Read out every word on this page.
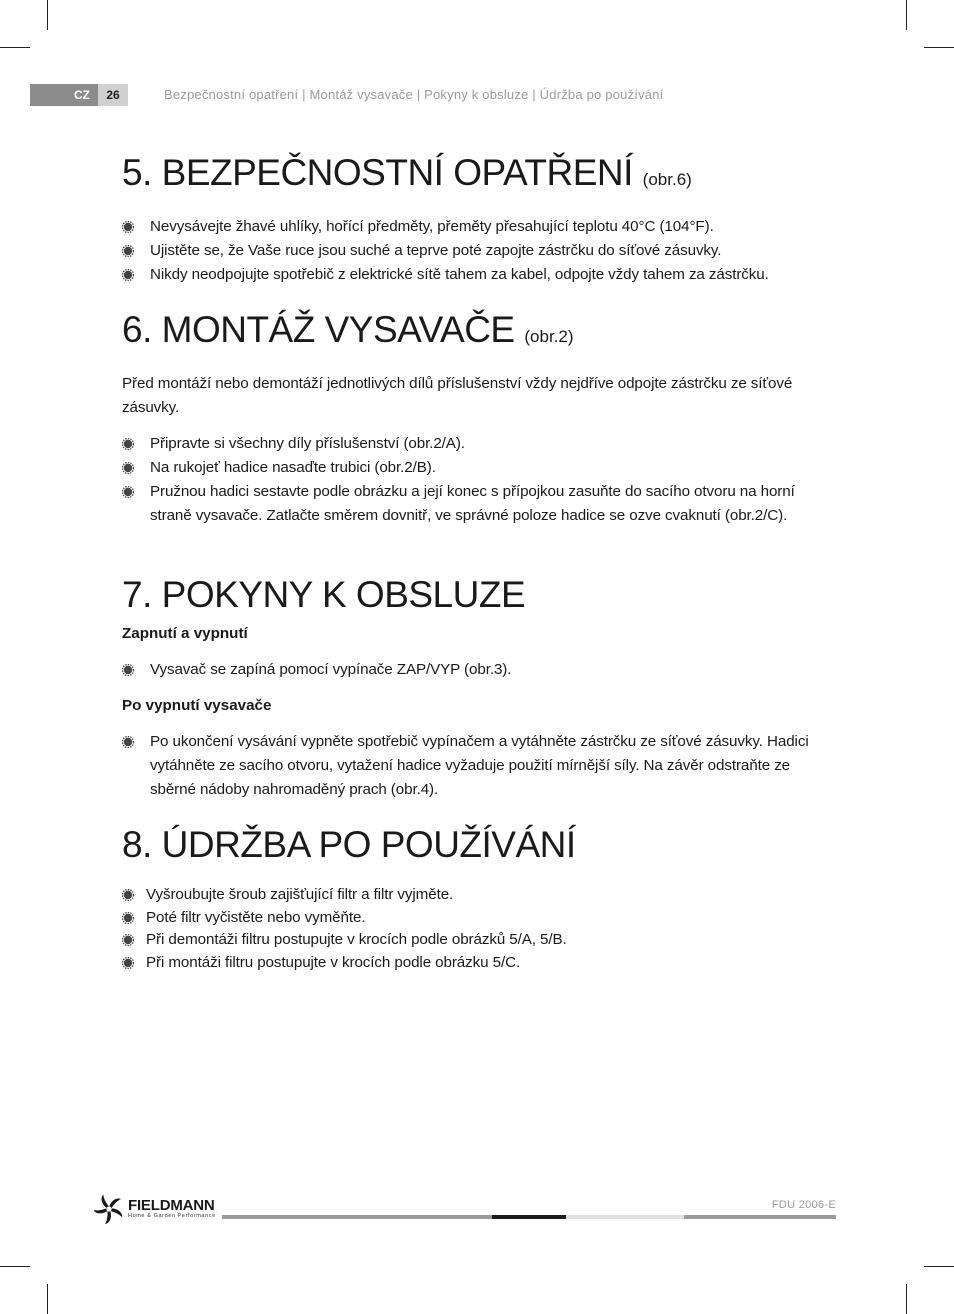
CZ	26	Bezpečnostní opatření | Montáž vysavače | Pokyny k obsluze | Údržba po používání
5. BEZPEČNOSTNÍ OPATŘENÍ (obr.6)
Nevysávejte žhavé uhlíky, hořící předměty, přeměty přesahující teplotu 40°C (104°F).
Ujistěte se, že Vaše ruce jsou suché a teprve poté zapojte zástrčku do síťové zásuvky.
Nikdy neodpojujte spotřebič z elektrické sítě tahem za kabel, odpojte vždy tahem za zástrčku.
6. MONTÁŽ VYSAVAČE (obr.2)

Před montáží nebo demontáží jednotlivých dílů příslušenství vždy nejdříve odpojte zástrčku ze síťové zásuvky.

Připravte si všechny díly příslušenství (obr.2/A).
Na rukojeť hadice nasaďte trubici (obr.2/B).
Pružnou hadici sestavte podle obrázku a její konec s přípojkou zasuňte do sacího otvoru na horní straně vysavače. Zatlačte směrem dovnitř, ve správné poloze hadice se ozve cvaknutí (obr.2/C).
7. POKYNY K OBSLUZE
Zapnutí a vypnutí
Vysavač se zapíná pomocí vypínače ZAP/VYP (obr.3).
Po vypnutí vysavače
Po ukončení vysávání vypněte spotřebič vypínačem a vytáhněte zástrčku ze síťové zásuvky. Hadici vytáhněte ze sacího otvoru, vytažení hadice vyžaduje použití mírnější síly. Na závěr odstraňte ze sběrné nádoby nahromaděný prach (obr.4).
8. ÚDRŽBA PO POUŽÍVÁNÍ
Vyšroubujte šroub zajišťující filtr a filtr vyjměte.
Poté filtr vyčistěte nebo vyměňte.
Při demontáži filtru postupujte v krocích podle obrázků 5/A, 5/B.
Při montáži filtru postupujte v krocích podle obrázku 5/C.
FIELDMANN
Home & Garden Performance
FDU 2006-E
